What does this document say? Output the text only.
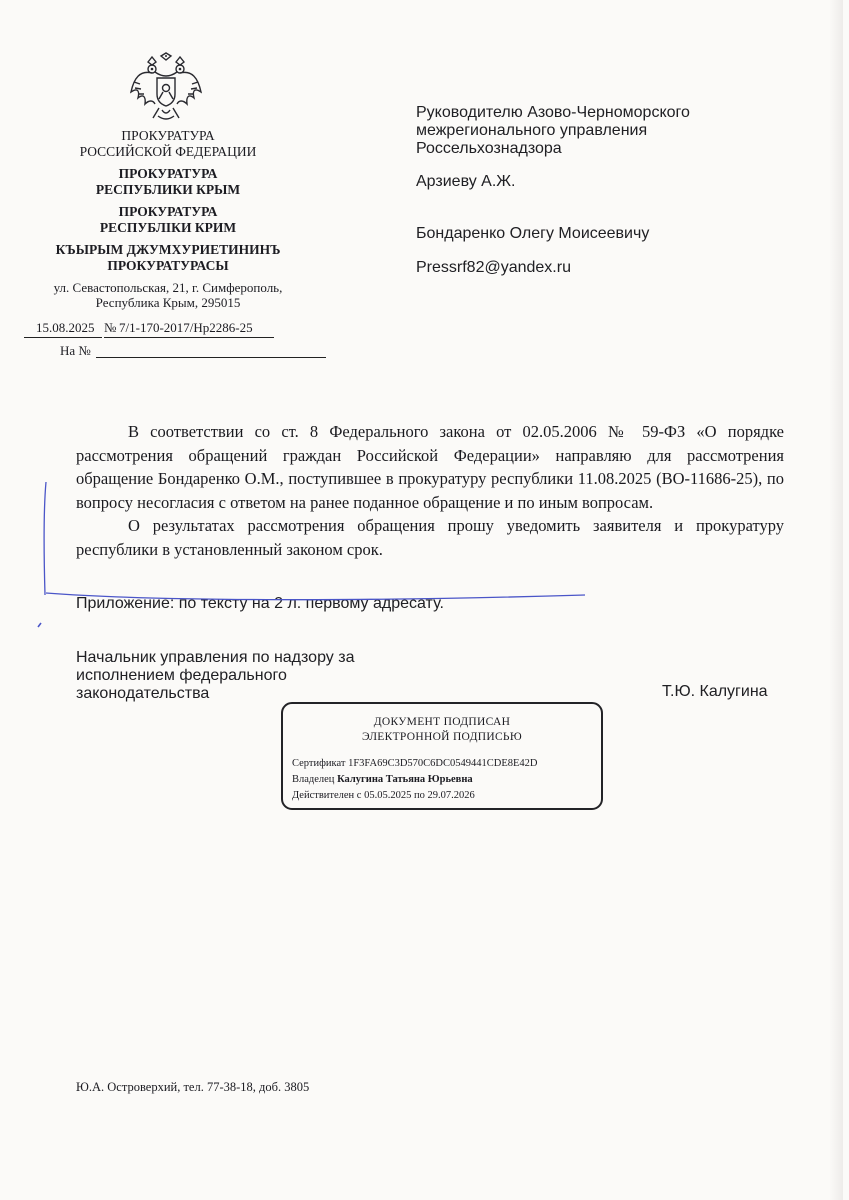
ПРОКУРАТУРА
РОССИЙСКОЙ ФЕДЕРАЦИИ
ПРОКУРАТУРА
РЕСПУБЛИКИ КРЫМ
ПРОКУРАТУРА
РЕСПУБЛІКИ КРИМ
КЪЫРЫМ ДЖУМХУРИЕТИНИНЪ
ПРОКУРАТУРАСЫ
ул. Севастопольская, 21, г. Симферополь,
Республика Крым, 295015
15.08.2025 № 7/1-170-2017/Нр2286-25
На №
Руководителю Азово-Черноморского
межрегионального управления
Россельхознадзора
Арзиеву А.Ж.
Бондаренко Олегу Моисеевичу
Pressrf82@yandex.ru

В соответствии со ст. 8 Федерального закона от 02.05.2006 № 59-ФЗ «О порядке рассмотрения обращений граждан Российской Федерации» направляю для рассмотрения обращение Бондаренко О.М., поступившее в прокуратуру республики 11.08.2025 (ВО-11686-25), по вопросу несогласия с ответом на ранее поданное обращение и по иным вопросам.

О результатах рассмотрения обращения прошу уведомить заявителя и прокуратуру республики в установленный законом срок.

Приложение: по тексту на 2 л. первому адресату.
Начальник управления по надзору за
исполнением федерального
законодательства	Т.Ю. Калугина
ДОКУМЕНТ ПОДПИСАН
ЭЛЕКТРОННОЙ ПОДПИСЬЮ
Сертификат 1F3FA69C3D570C6DC0549441CDE8E42D
Владелец Калугина Татьяна Юрьевна
Действителен с 05.05.2025 по 29.07.2026
Ю.А. Островерхий, тел. 77-38-18, доб. 3805
